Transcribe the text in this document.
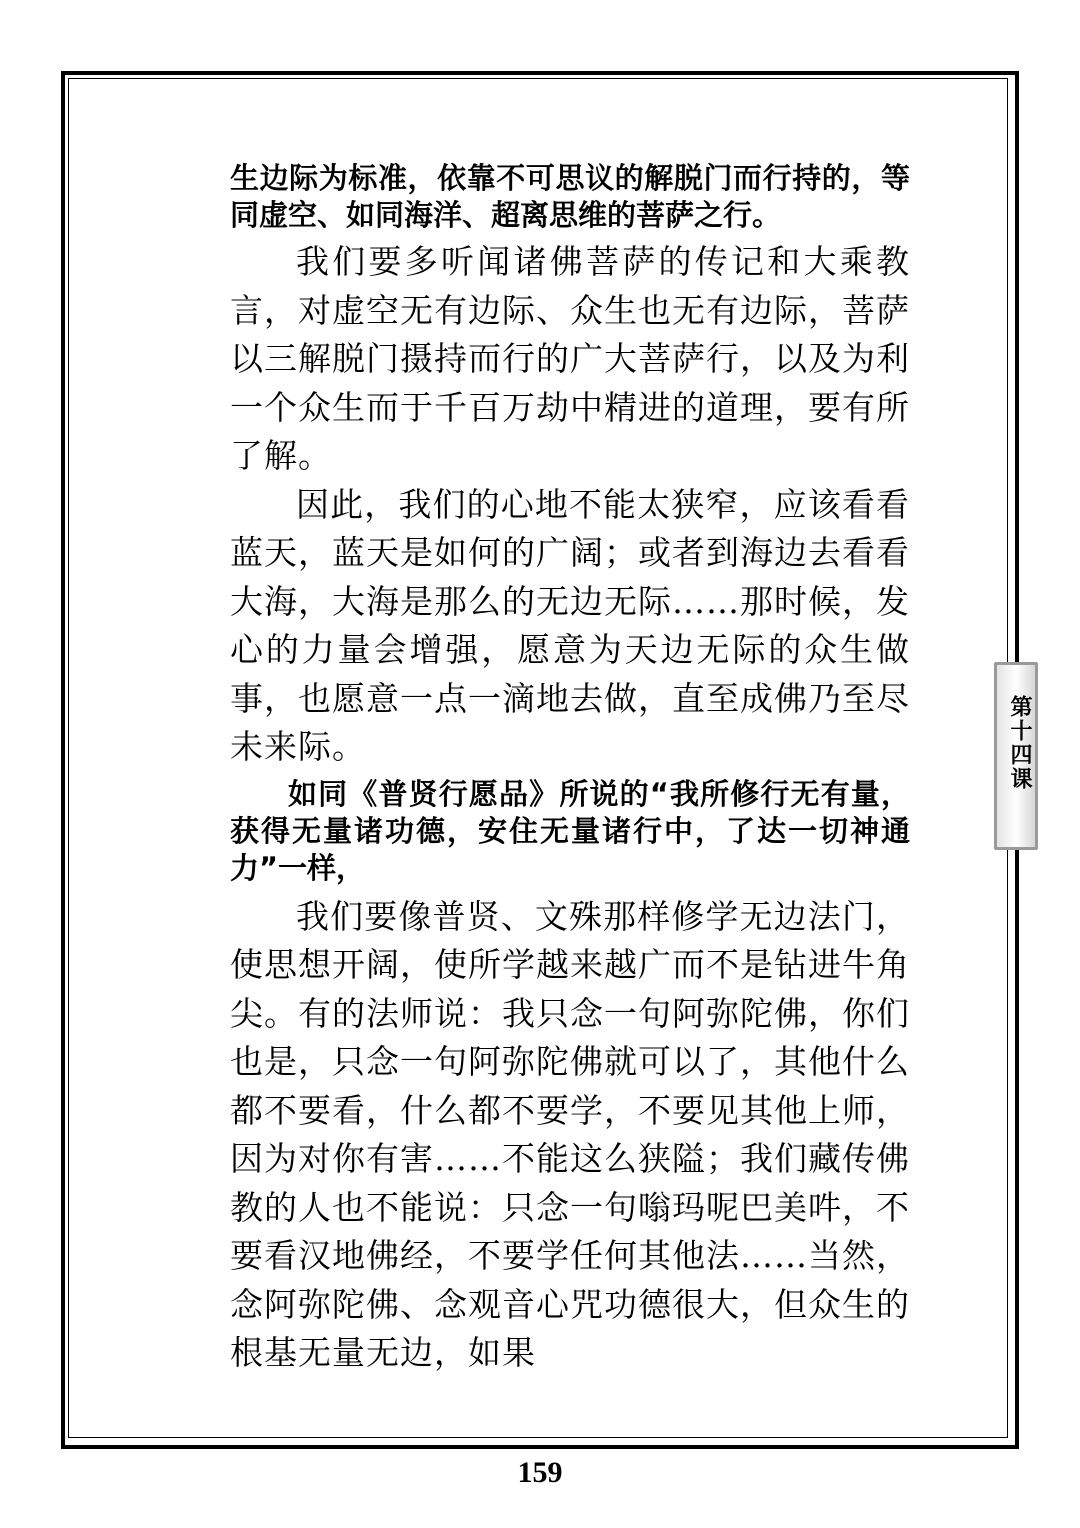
生边际为标准，依靠不可思议的解脱门而行持的，等同虚空、如同海洋、超离思维的菩萨之行。

我们要多听闻诸佛菩萨的传记和大乘教言，对虚空无有边际、众生也无有边际，菩萨以三解脱门摄持而行的广大菩萨行，以及为利一个众生而于千百万劫中精进的道理，要有所了解。

因此，我们的心地不能太狭窄，应该看看蓝天，蓝天是如何的广阔；或者到海边去看看大海，大海是那么的无边无际……那时候，发心的力量会增强，愿意为天边无际的众生做事，也愿意一点一滴地去做，直至成佛乃至尽未来际。

如同《普贤行愿品》所说的“我所修行无有量，获得无量诸功德，安住无量诸行中，了达一切神通力”一样，

我们要像普贤、文殊那样修学无边法门，使思想开阔，使所学越来越广而不是钻进牛角尖。有的法师说：我只念一句阿弥陀佛，你们也是，只念一句阿弥陀佛就可以了，其他什么都不要看，什么都不要学，不要见其他上师，因为对你有害……不能这么狭隘；我们藏传佛教的人也不能说：只念一句嗡玛呢巴美吽，不要看汉地佛经，不要学任何其他法……当然，念阿弥陀佛、念观音心咒功德很大，但众生的根基无量无边，如果

第十四课
159
